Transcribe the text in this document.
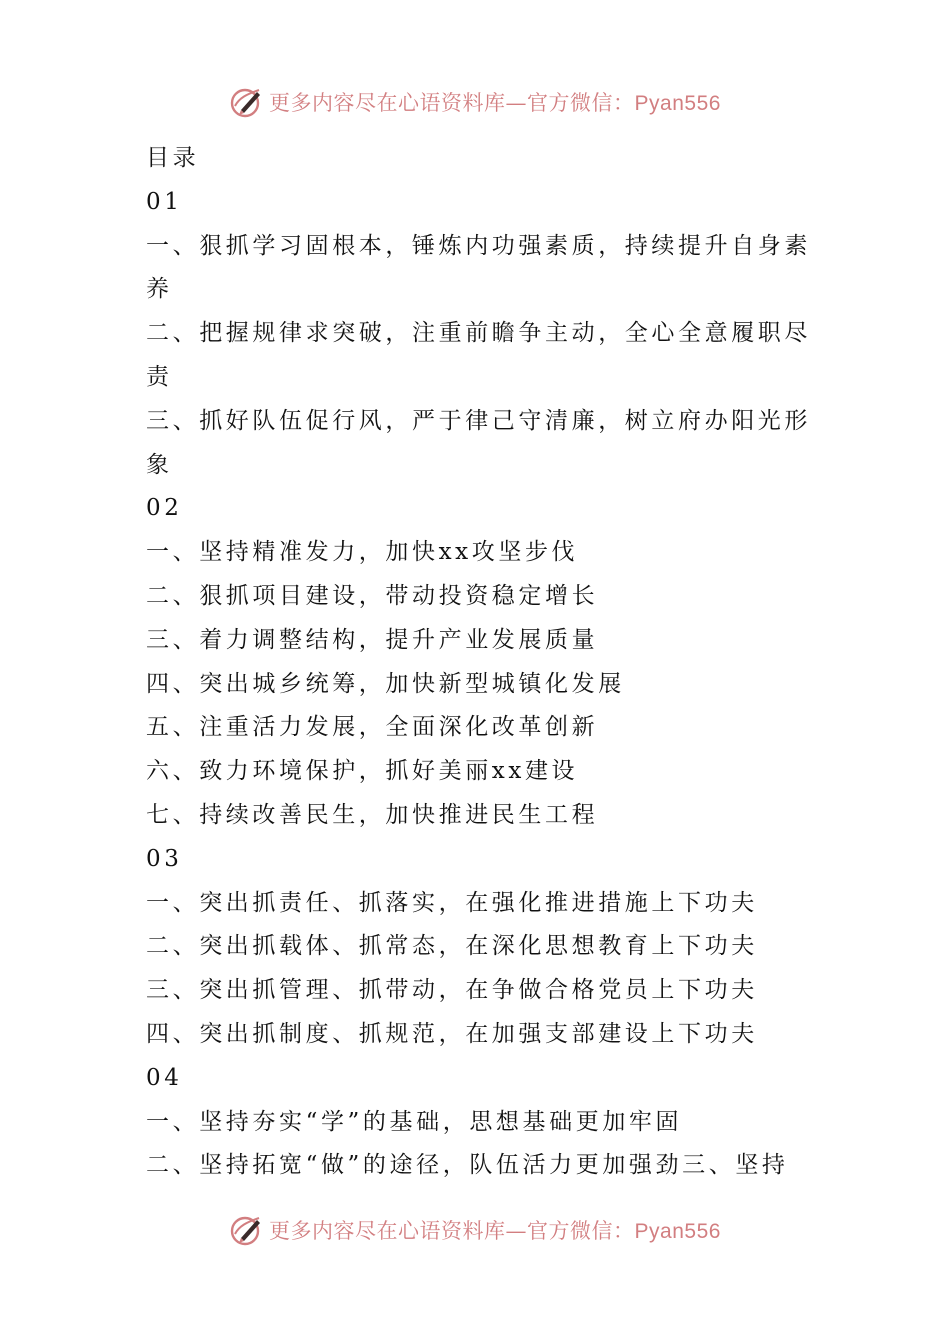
更多内容尽在心语资料库—官方微信：Pyan556
目录
01
一、狠抓学习固根本，锤炼内功强素质，持续提升自身素
养
二、把握规律求突破，注重前瞻争主动，全心全意履职尽
责
三、抓好队伍促行风，严于律己守清廉，树立府办阳光形
象
02
一、坚持精准发力，加快xx攻坚步伐
二、狠抓项目建设，带动投资稳定增长
三、着力调整结构，提升产业发展质量
四、突出城乡统筹，加快新型城镇化发展
五、注重活力发展，全面深化改革创新
六、致力环境保护，抓好美丽xx建设
七、持续改善民生，加快推进民生工程
03
一、突出抓责任、抓落实，在强化推进措施上下功夫
二、突出抓载体、抓常态，在深化思想教育上下功夫
三、突出抓管理、抓带动，在争做合格党员上下功夫
四、突出抓制度、抓规范，在加强支部建设上下功夫
04
一、坚持夯实“学”的基础，思想基础更加牢固
二、坚持拓宽“做”的途径，队伍活力更加强劲三、坚持
更多内容尽在心语资料库—官方微信：Pyan556
